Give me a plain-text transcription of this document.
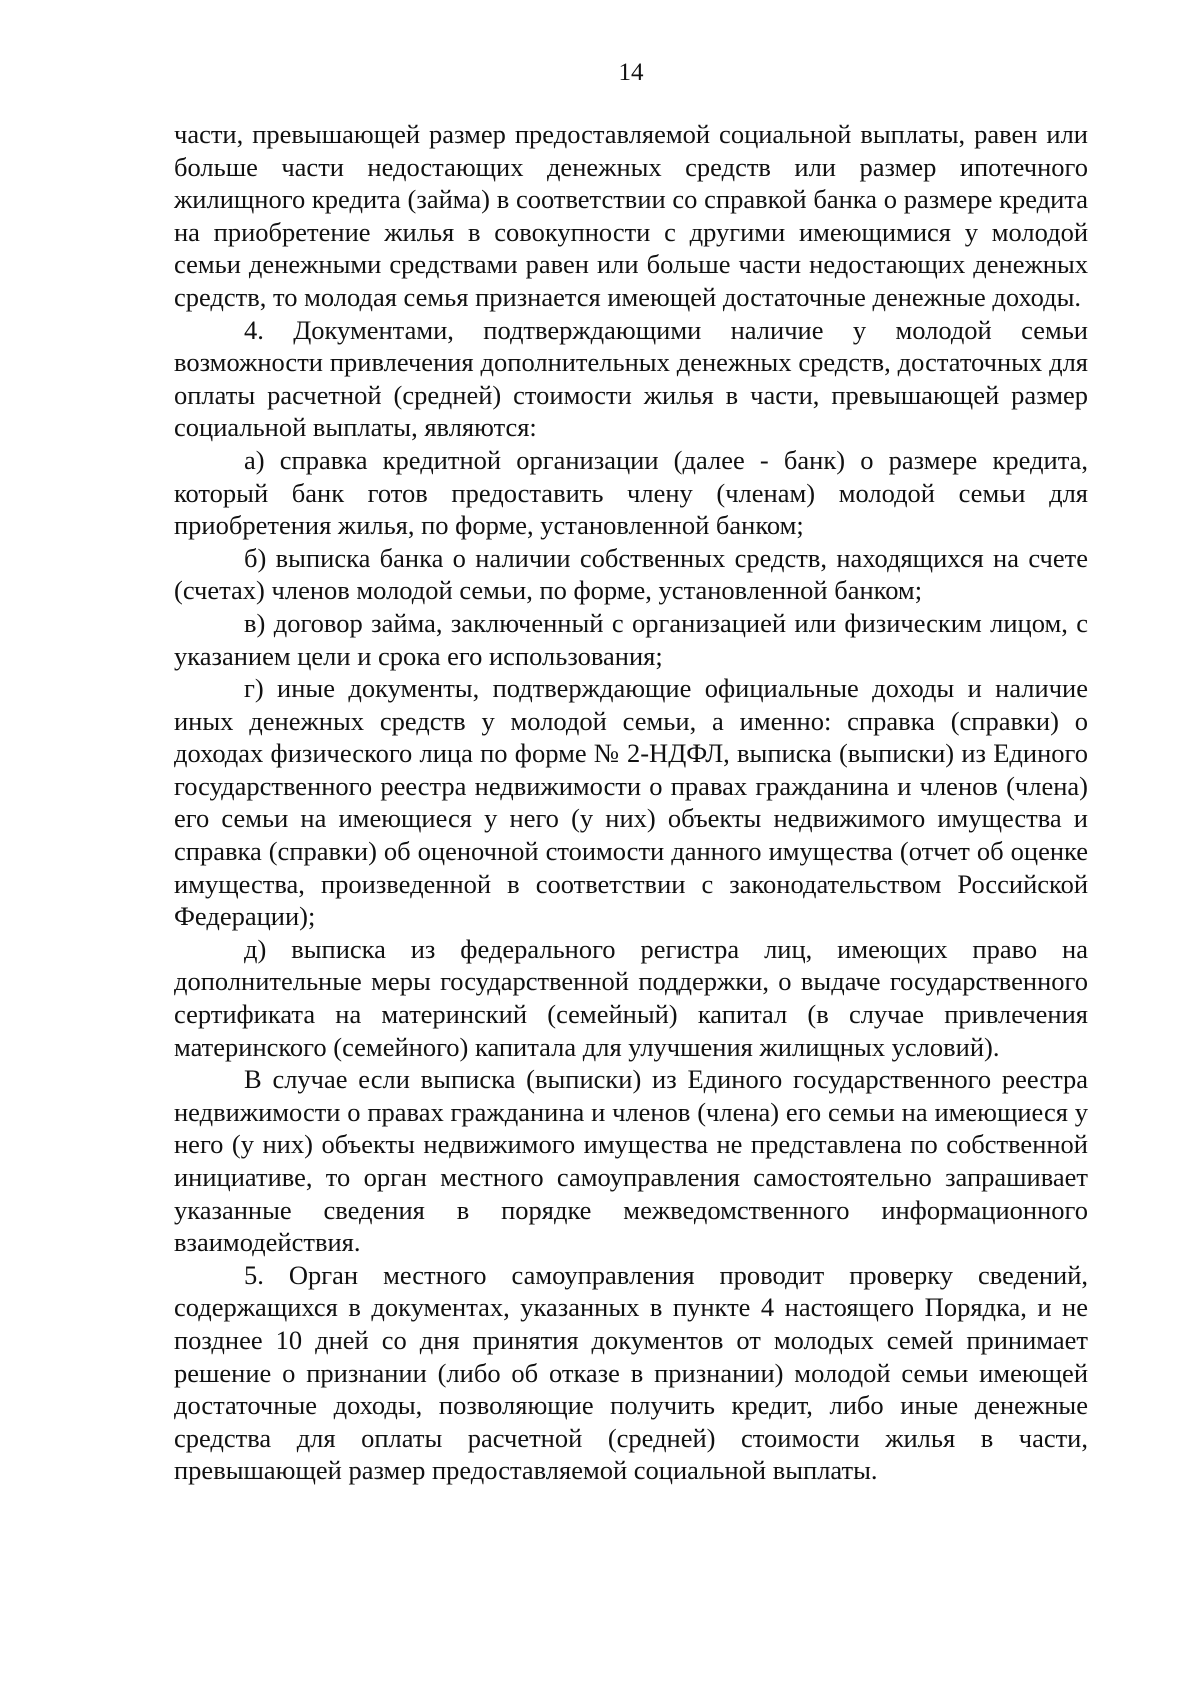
14

части, превышающей размер предоставляемой социальной выплаты, равен или больше части недостающих денежных средств или размер ипотечного жилищного кредита (займа) в соответствии со справкой банка о размере кредита на приобретение жилья в совокупности с другими имеющимися у молодой семьи денежными средствами равен или больше части недостающих денежных средств, то молодая семья признается имеющей достаточные денежные доходы.

4. Документами, подтверждающими наличие у молодой семьи возможности привлечения дополнительных денежных средств, достаточных для оплаты расчетной (средней) стоимости жилья в части, превышающей размер социальной выплаты, являются:

а) справка кредитной организации (далее - банк) о размере кредита, который банк готов предоставить члену (членам) молодой семьи для приобретения жилья, по форме, установленной банком;

б) выписка банка о наличии собственных средств, находящихся на счете (счетах) членов молодой семьи, по форме, установленной банком;

в) договор займа, заключенный с организацией или физическим лицом, с указанием цели и срока его использования;

г) иные документы, подтверждающие официальные доходы и наличие иных денежных средств у молодой семьи, а именно: справка (справки) о доходах физического лица по форме № 2-НДФЛ, выписка (выписки) из Единого государственного реестра недвижимости о правах гражданина и членов (члена) его семьи на имеющиеся у него (у них) объекты недвижимого имущества и справка (справки) об оценочной стоимости данного имущества (отчет об оценке имущества, произведенной в соответствии с законодательством Российской Федерации);

д) выписка из федерального регистра лиц, имеющих право на дополнительные меры государственной поддержки, о выдаче государственного сертификата на материнский (семейный) капитал (в случае привлечения материнского (семейного) капитала для улучшения жилищных условий).

В случае если выписка (выписки) из Единого государственного реестра недвижимости о правах гражданина и членов (члена) его семьи на имеющиеся у него (у них) объекты недвижимого имущества не представлена по собственной инициативе, то орган местного самоуправления самостоятельно запрашивает указанные сведения в порядке межведомственного информационного взаимодействия.

5. Орган местного самоуправления проводит проверку сведений, содержащихся в документах, указанных в пункте 4 настоящего Порядка, и не позднее 10 дней со дня принятия документов от молодых семей принимает решение о признании (либо об отказе в признании) молодой семьи имеющей достаточные доходы, позволяющие получить кредит, либо иные денежные средства для оплаты расчетной (средней) стоимости жилья в части, превышающей размер предоставляемой социальной выплаты.
